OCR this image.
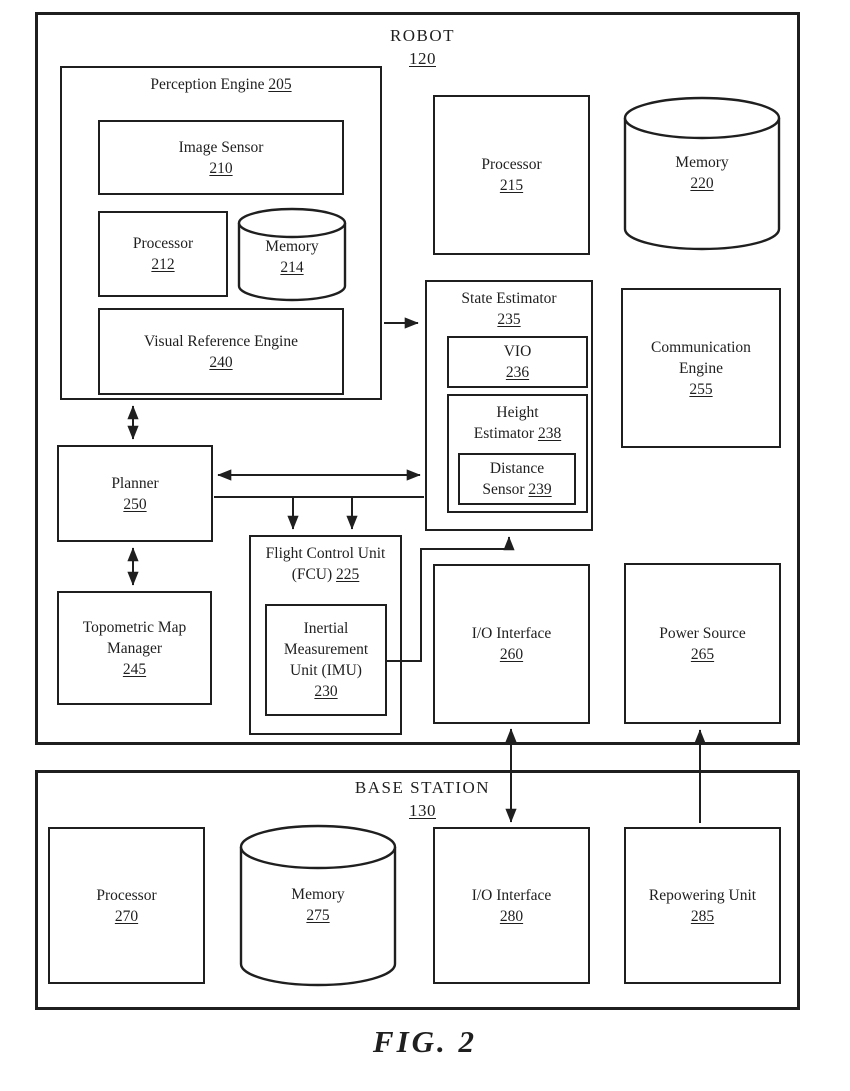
ROBOT
120
Perception Engine 205
Image Sensor
210
Processor
212
Memory
214
Visual Reference Engine
240
Processor
215
Memory
220
State Estimator
235
VIO
236
Height Estimator 238
Distance Sensor 239
Communication Engine
255
Planner
250
Flight Control Unit (FCU) 225
Inertial Measurement Unit (IMU)
230
Topometric Map Manager
245
I/O Interface
260
Power Source
265
BASE STATION
130
Processor
270
Memory
275
I/O Interface
280
Repowering Unit
285
FIG. 2
